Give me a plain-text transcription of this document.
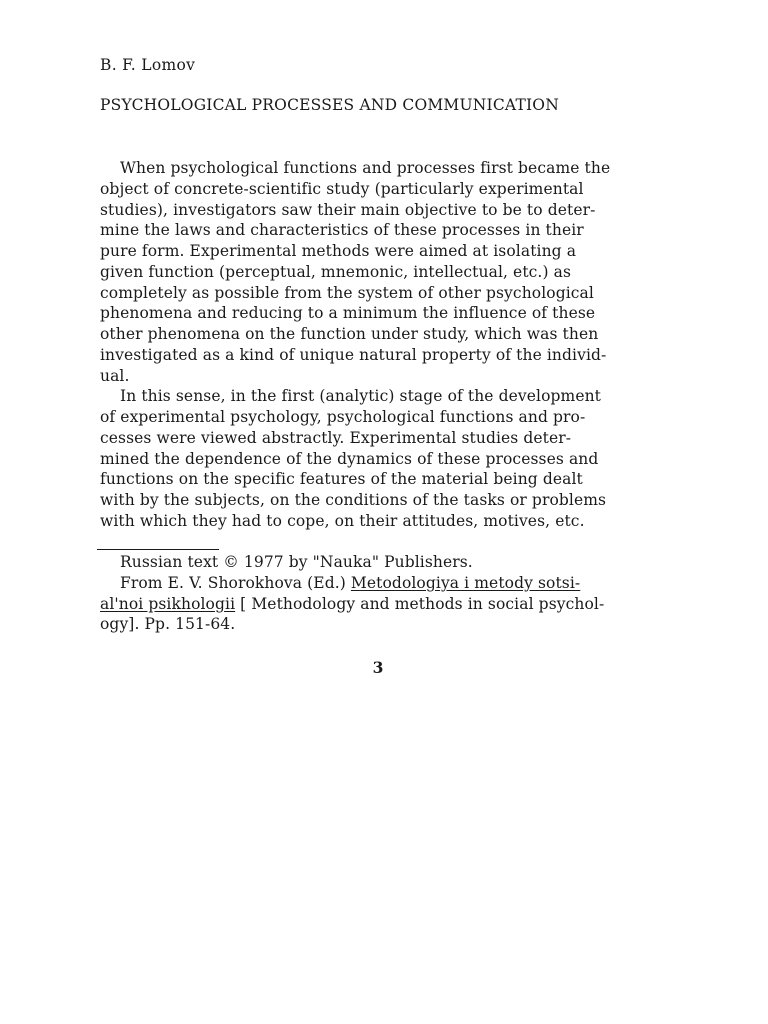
B. F. Lomov
PSYCHOLOGICAL PROCESSES AND COMMUNICATION
When psychological functions and processes first became the
object of concrete-scientific study (particularly experimental
studies), investigators saw their main objective to be to deter-
mine the laws and characteristics of these processes in their
pure form. Experimental methods were aimed at isolating a
given function (perceptual, mnemonic, intellectual, etc.) as
completely as possible from the system of other psychological
phenomena and reducing to a minimum the influence of these
other phenomena on the function under study, which was then
investigated as a kind of unique natural property of the individ-
ual.
In this sense, in the first (analytic) stage of the development
of experimental psychology, psychological functions and pro-
cesses were viewed abstractly. Experimental studies deter-
mined the dependence of the dynamics of these processes and
functions on the specific features of the material being dealt
with by the subjects, on the conditions of the tasks or problems
with which they had to cope, on their attitudes, motives, etc.
Russian text © 1977 by "Nauka" Publishers.
From E. V. Shorokhova (Ed.) Metodologiya i metody sotsi-
al'noi psikhologii [ Methodology and methods in social psychol-
ogy]. Pp. 151-64.
3
